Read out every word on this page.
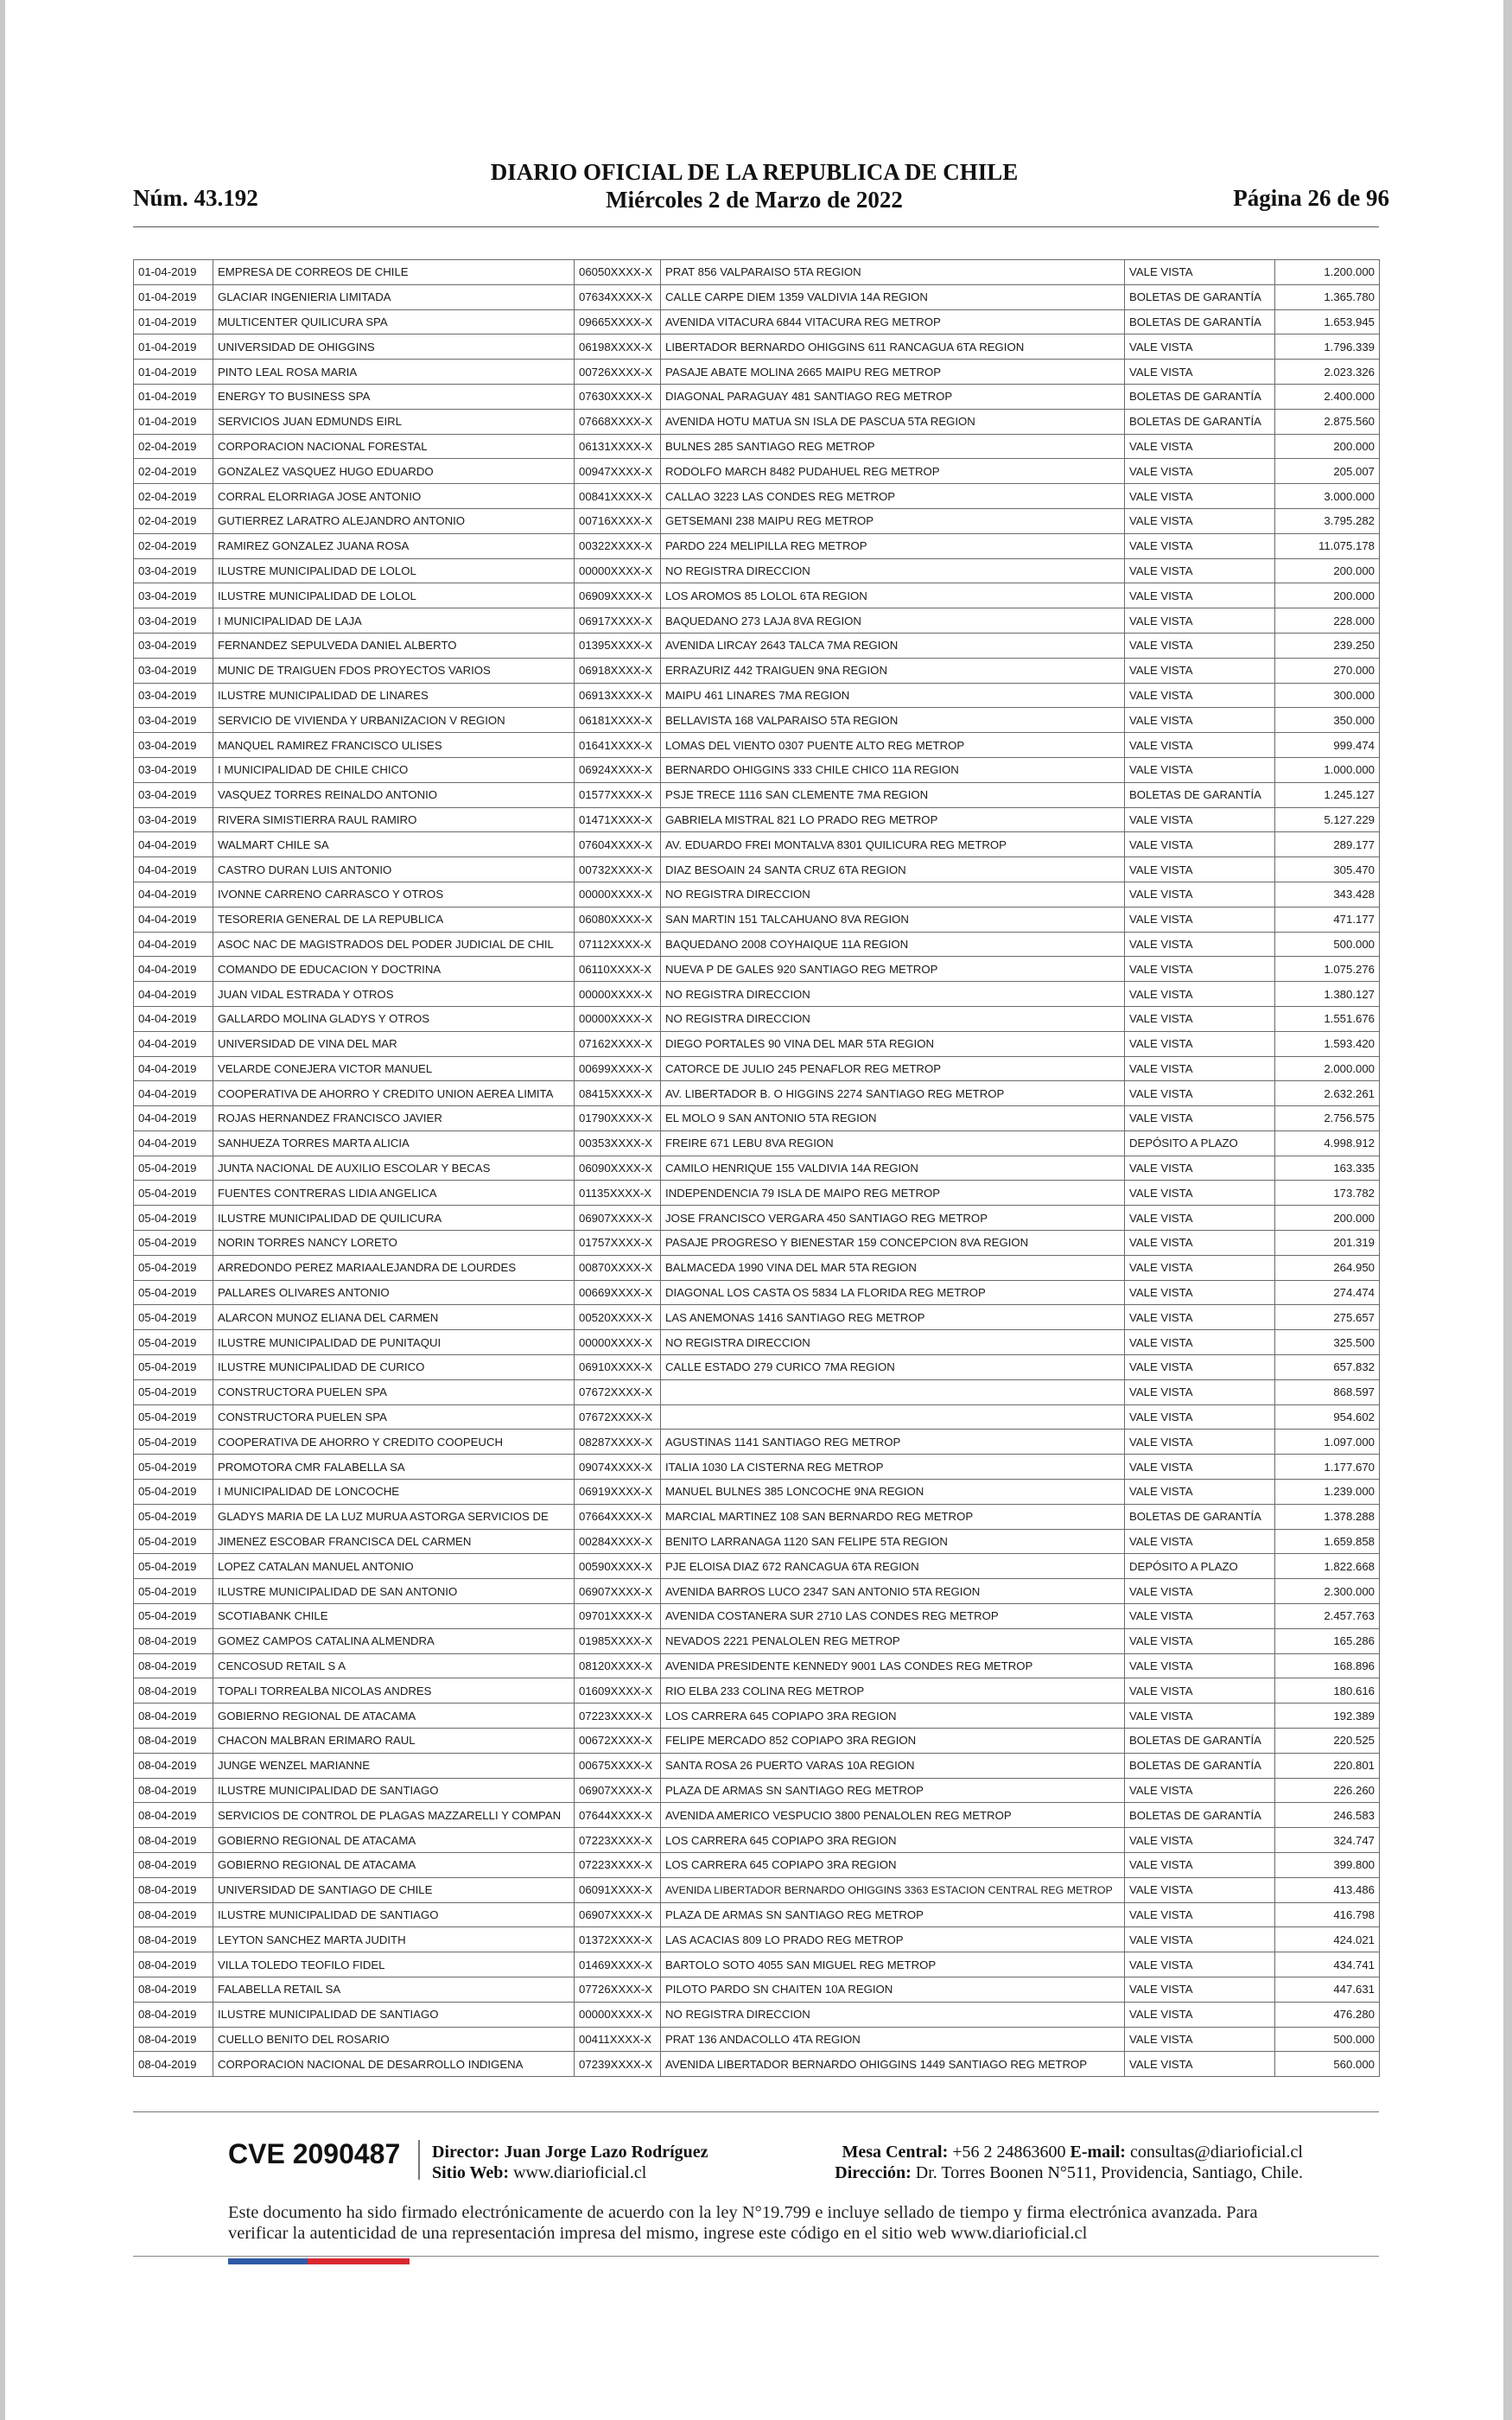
DIARIO OFICIAL DE LA REPUBLICA DE CHILE
Núm. 43.192	Miércoles 2 de Marzo de 2022	Página 26 de 96
01-04-2019	EMPRESA DE CORREOS DE CHILE	06050XXXX-X	PRAT 856 VALPARAISO 5TA REGION	VALE VISTA	1.200.000
01-04-2019	GLACIAR INGENIERIA LIMITADA	07634XXXX-X	CALLE CARPE DIEM 1359 VALDIVIA 14A REGION	BOLETAS DE GARANTÍA	1.365.780
01-04-2019	MULTICENTER QUILICURA SPA	09665XXXX-X	AVENIDA VITACURA 6844 VITACURA REG METROP	BOLETAS DE GARANTÍA	1.653.945
01-04-2019	UNIVERSIDAD DE OHIGGINS	06198XXXX-X	LIBERTADOR BERNARDO OHIGGINS 611 RANCAGUA 6TA REGION	VALE VISTA	1.796.339
01-04-2019	PINTO LEAL ROSA MARIA	00726XXXX-X	PASAJE ABATE MOLINA 2665 MAIPU REG METROP	VALE VISTA	2.023.326
01-04-2019	ENERGY TO BUSINESS SPA	07630XXXX-X	DIAGONAL PARAGUAY 481 SANTIAGO REG METROP	BOLETAS DE GARANTÍA	2.400.000
01-04-2019	SERVICIOS JUAN EDMUNDS EIRL	07668XXXX-X	AVENIDA HOTU MATUA SN ISLA DE PASCUA 5TA REGION	BOLETAS DE GARANTÍA	2.875.560
02-04-2019	CORPORACION NACIONAL FORESTAL	06131XXXX-X	BULNES 285 SANTIAGO REG METROP	VALE VISTA	200.000
02-04-2019	GONZALEZ VASQUEZ HUGO EDUARDO	00947XXXX-X	RODOLFO MARCH 8482 PUDAHUEL REG METROP	VALE VISTA	205.007
02-04-2019	CORRAL ELORRIAGA JOSE ANTONIO	00841XXXX-X	CALLAO 3223 LAS CONDES REG METROP	VALE VISTA	3.000.000
02-04-2019	GUTIERREZ LARATRO ALEJANDRO ANTONIO	00716XXXX-X	GETSEMANI 238 MAIPU REG METROP	VALE VISTA	3.795.282
02-04-2019	RAMIREZ GONZALEZ JUANA ROSA	00322XXXX-X	PARDO 224 MELIPILLA REG METROP	VALE VISTA	11.075.178
03-04-2019	ILUSTRE MUNICIPALIDAD DE LOLOL	00000XXXX-X	NO REGISTRA DIRECCION	VALE VISTA	200.000
03-04-2019	ILUSTRE MUNICIPALIDAD DE LOLOL	06909XXXX-X	LOS AROMOS 85 LOLOL 6TA REGION	VALE VISTA	200.000
03-04-2019	I MUNICIPALIDAD DE LAJA	06917XXXX-X	BAQUEDANO 273 LAJA 8VA REGION	VALE VISTA	228.000
03-04-2019	FERNANDEZ SEPULVEDA DANIEL ALBERTO	01395XXXX-X	AVENIDA LIRCAY 2643 TALCA 7MA REGION	VALE VISTA	239.250
03-04-2019	MUNIC DE TRAIGUEN FDOS PROYECTOS VARIOS	06918XXXX-X	ERRAZURIZ 442 TRAIGUEN 9NA REGION	VALE VISTA	270.000
03-04-2019	ILUSTRE MUNICIPALIDAD DE LINARES	06913XXXX-X	MAIPU 461 LINARES 7MA REGION	VALE VISTA	300.000
03-04-2019	SERVICIO DE VIVIENDA Y URBANIZACION V REGION	06181XXXX-X	BELLAVISTA 168 VALPARAISO 5TA REGION	VALE VISTA	350.000
03-04-2019	MANQUEL RAMIREZ FRANCISCO ULISES	01641XXXX-X	LOMAS DEL VIENTO 0307 PUENTE ALTO REG METROP	VALE VISTA	999.474
03-04-2019	I MUNICIPALIDAD DE CHILE CHICO	06924XXXX-X	BERNARDO OHIGGINS 333 CHILE CHICO 11A REGION	VALE VISTA	1.000.000
03-04-2019	VASQUEZ TORRES REINALDO ANTONIO	01577XXXX-X	PSJE TRECE 1116 SAN CLEMENTE 7MA REGION	BOLETAS DE GARANTÍA	1.245.127
03-04-2019	RIVERA SIMISTIERRA RAUL RAMIRO	01471XXXX-X	GABRIELA MISTRAL 821 LO PRADO REG METROP	VALE VISTA	5.127.229
04-04-2019	WALMART CHILE SA	07604XXXX-X	AV. EDUARDO FREI MONTALVA 8301 QUILICURA REG METROP	VALE VISTA	289.177
04-04-2019	CASTRO DURAN LUIS ANTONIO	00732XXXX-X	DIAZ BESOAIN 24 SANTA CRUZ 6TA REGION	VALE VISTA	305.470
04-04-2019	IVONNE CARRENO CARRASCO Y OTROS	00000XXXX-X	NO REGISTRA DIRECCION	VALE VISTA	343.428
04-04-2019	TESORERIA GENERAL DE LA REPUBLICA	06080XXXX-X	SAN MARTIN 151 TALCAHUANO 8VA REGION	VALE VISTA	471.177
04-04-2019	ASOC NAC DE MAGISTRADOS DEL PODER JUDICIAL DE CHIL	07112XXXX-X	BAQUEDANO 2008 COYHAIQUE 11A REGION	VALE VISTA	500.000
04-04-2019	COMANDO DE EDUCACION Y DOCTRINA	06110XXXX-X	NUEVA P DE GALES 920 SANTIAGO REG METROP	VALE VISTA	1.075.276
04-04-2019	JUAN VIDAL ESTRADA Y OTROS	00000XXXX-X	NO REGISTRA DIRECCION	VALE VISTA	1.380.127
04-04-2019	GALLARDO MOLINA GLADYS Y OTROS	00000XXXX-X	NO REGISTRA DIRECCION	VALE VISTA	1.551.676
04-04-2019	UNIVERSIDAD DE VINA DEL MAR	07162XXXX-X	DIEGO PORTALES 90 VINA DEL MAR 5TA REGION	VALE VISTA	1.593.420
04-04-2019	VELARDE CONEJERA VICTOR MANUEL	00699XXXX-X	CATORCE DE JULIO 245 PENAFLOR REG METROP	VALE VISTA	2.000.000
04-04-2019	COOPERATIVA DE AHORRO Y CREDITO UNION AEREA LIMITA	08415XXXX-X	AV. LIBERTADOR B. O HIGGINS 2274 SANTIAGO REG METROP	VALE VISTA	2.632.261
04-04-2019	ROJAS HERNANDEZ FRANCISCO JAVIER	01790XXXX-X	EL MOLO 9 SAN ANTONIO 5TA REGION	VALE VISTA	2.756.575
04-04-2019	SANHUEZA TORRES MARTA ALICIA	00353XXXX-X	FREIRE 671 LEBU 8VA REGION	DEPÓSITO A PLAZO	4.998.912
05-04-2019	JUNTA NACIONAL DE AUXILIO ESCOLAR Y BECAS	06090XXXX-X	CAMILO HENRIQUE 155 VALDIVIA 14A REGION	VALE VISTA	163.335
05-04-2019	FUENTES CONTRERAS LIDIA ANGELICA	01135XXXX-X	INDEPENDENCIA 79 ISLA DE MAIPO REG METROP	VALE VISTA	173.782
05-04-2019	ILUSTRE MUNICIPALIDAD DE QUILICURA	06907XXXX-X	JOSE FRANCISCO VERGARA 450 SANTIAGO REG METROP	VALE VISTA	200.000
05-04-2019	NORIN TORRES NANCY LORETO	01757XXXX-X	PASAJE PROGRESO Y BIENESTAR 159 CONCEPCION 8VA REGION	VALE VISTA	201.319
05-04-2019	ARREDONDO PEREZ MARIAALEJANDRA DE LOURDES	00870XXXX-X	BALMACEDA 1990 VINA DEL MAR 5TA REGION	VALE VISTA	264.950
05-04-2019	PALLARES OLIVARES ANTONIO	00669XXXX-X	DIAGONAL LOS CASTA OS 5834 LA FLORIDA REG METROP	VALE VISTA	274.474
05-04-2019	ALARCON MUNOZ ELIANA DEL CARMEN	00520XXXX-X	LAS ANEMONAS 1416 SANTIAGO REG METROP	VALE VISTA	275.657
05-04-2019	ILUSTRE MUNICIPALIDAD DE PUNITAQUI	00000XXXX-X	NO REGISTRA DIRECCION	VALE VISTA	325.500
05-04-2019	ILUSTRE MUNICIPALIDAD DE CURICO	06910XXXX-X	CALLE ESTADO 279 CURICO 7MA REGION	VALE VISTA	657.832
05-04-2019	CONSTRUCTORA PUELEN SPA	07672XXXX-X		VALE VISTA	868.597
05-04-2019	CONSTRUCTORA PUELEN SPA	07672XXXX-X		VALE VISTA	954.602
05-04-2019	COOPERATIVA DE AHORRO Y CREDITO COOPEUCH	08287XXXX-X	AGUSTINAS 1141 SANTIAGO REG METROP	VALE VISTA	1.097.000
05-04-2019	PROMOTORA CMR FALABELLA SA	09074XXXX-X	ITALIA 1030 LA CISTERNA REG METROP	VALE VISTA	1.177.670
05-04-2019	I MUNICIPALIDAD DE LONCOCHE	06919XXXX-X	MANUEL BULNES 385 LONCOCHE 9NA REGION	VALE VISTA	1.239.000
05-04-2019	GLADYS MARIA DE LA LUZ MURUA ASTORGA SERVICIOS DE	07664XXXX-X	MARCIAL MARTINEZ 108 SAN BERNARDO REG METROP	BOLETAS DE GARANTÍA	1.378.288
05-04-2019	JIMENEZ ESCOBAR FRANCISCA DEL CARMEN	00284XXXX-X	BENITO LARRANAGA 1120 SAN FELIPE 5TA REGION	VALE VISTA	1.659.858
05-04-2019	LOPEZ CATALAN MANUEL ANTONIO	00590XXXX-X	PJE ELOISA DIAZ 672 RANCAGUA 6TA REGION	DEPÓSITO A PLAZO	1.822.668
05-04-2019	ILUSTRE MUNICIPALIDAD DE SAN ANTONIO	06907XXXX-X	AVENIDA BARROS LUCO 2347 SAN ANTONIO 5TA REGION	VALE VISTA	2.300.000
05-04-2019	SCOTIABANK CHILE	09701XXXX-X	AVENIDA COSTANERA SUR 2710 LAS CONDES REG METROP	VALE VISTA	2.457.763
08-04-2019	GOMEZ CAMPOS CATALINA ALMENDRA	01985XXXX-X	NEVADOS 2221 PENALOLEN REG METROP	VALE VISTA	165.286
08-04-2019	CENCOSUD RETAIL S A	08120XXXX-X	AVENIDA PRESIDENTE KENNEDY 9001 LAS CONDES REG METROP	VALE VISTA	168.896
08-04-2019	TOPALI TORREALBA NICOLAS ANDRES	01609XXXX-X	RIO ELBA 233 COLINA REG METROP	VALE VISTA	180.616
08-04-2019	GOBIERNO REGIONAL DE ATACAMA	07223XXXX-X	LOS CARRERA 645 COPIAPO 3RA REGION	VALE VISTA	192.389
08-04-2019	CHACON MALBRAN ERIMARO RAUL	00672XXXX-X	FELIPE MERCADO 852 COPIAPO 3RA REGION	BOLETAS DE GARANTÍA	220.525
08-04-2019	JUNGE WENZEL MARIANNE	00675XXXX-X	SANTA ROSA 26 PUERTO VARAS 10A REGION	BOLETAS DE GARANTÍA	220.801
08-04-2019	ILUSTRE MUNICIPALIDAD DE SANTIAGO	06907XXXX-X	PLAZA DE ARMAS SN SANTIAGO REG METROP	VALE VISTA	226.260
08-04-2019	SERVICIOS DE CONTROL DE PLAGAS MAZZARELLI Y COMPAN	07644XXXX-X	AVENIDA AMERICO VESPUCIO 3800 PENALOLEN REG METROP	BOLETAS DE GARANTÍA	246.583
08-04-2019	GOBIERNO REGIONAL DE ATACAMA	07223XXXX-X	LOS CARRERA 645 COPIAPO 3RA REGION	VALE VISTA	324.747
08-04-2019	GOBIERNO REGIONAL DE ATACAMA	07223XXXX-X	LOS CARRERA 645 COPIAPO 3RA REGION	VALE VISTA	399.800
08-04-2019	UNIVERSIDAD DE SANTIAGO DE CHILE	06091XXXX-X	AVENIDA LIBERTADOR BERNARDO OHIGGINS 3363 ESTACION CENTRAL REG METROP	VALE VISTA	413.486
08-04-2019	ILUSTRE MUNICIPALIDAD DE SANTIAGO	06907XXXX-X	PLAZA DE ARMAS SN SANTIAGO REG METROP	VALE VISTA	416.798
08-04-2019	LEYTON SANCHEZ MARTA JUDITH	01372XXXX-X	LAS ACACIAS 809 LO PRADO REG METROP	VALE VISTA	424.021
08-04-2019	VILLA TOLEDO TEOFILO FIDEL	01469XXXX-X	BARTOLO SOTO 4055 SAN MIGUEL REG METROP	VALE VISTA	434.741
08-04-2019	FALABELLA RETAIL SA	07726XXXX-X	PILOTO PARDO SN CHAITEN 10A REGION	VALE VISTA	447.631
08-04-2019	ILUSTRE MUNICIPALIDAD DE SANTIAGO	00000XXXX-X	NO REGISTRA DIRECCION	VALE VISTA	476.280
08-04-2019	CUELLO BENITO DEL ROSARIO	00411XXXX-X	PRAT 136 ANDACOLLO 4TA REGION	VALE VISTA	500.000
08-04-2019	CORPORACION NACIONAL DE DESARROLLO INDIGENA	07239XXXX-X	AVENIDA LIBERTADOR BERNARDO OHIGGINS 1449 SANTIAGO REG METROP	VALE VISTA	560.000
CVE 2090487 Director: Juan Jorge Lazo Rodríguez
Sitio Web: www.diarioficial.cl
Mesa Central: +56 2 24863600 E-mail: consultas@diarioficial.cl
Dirección: Dr. Torres Boonen N°511, Providencia, Santiago, Chile.
Este documento ha sido firmado electrónicamente de acuerdo con la ley N°19.799 e incluye sellado de tiempo y firma electrónica avanzada. Para verificar la autenticidad de una representación impresa del mismo, ingrese este código en el sitio web www.diarioficial.cl
